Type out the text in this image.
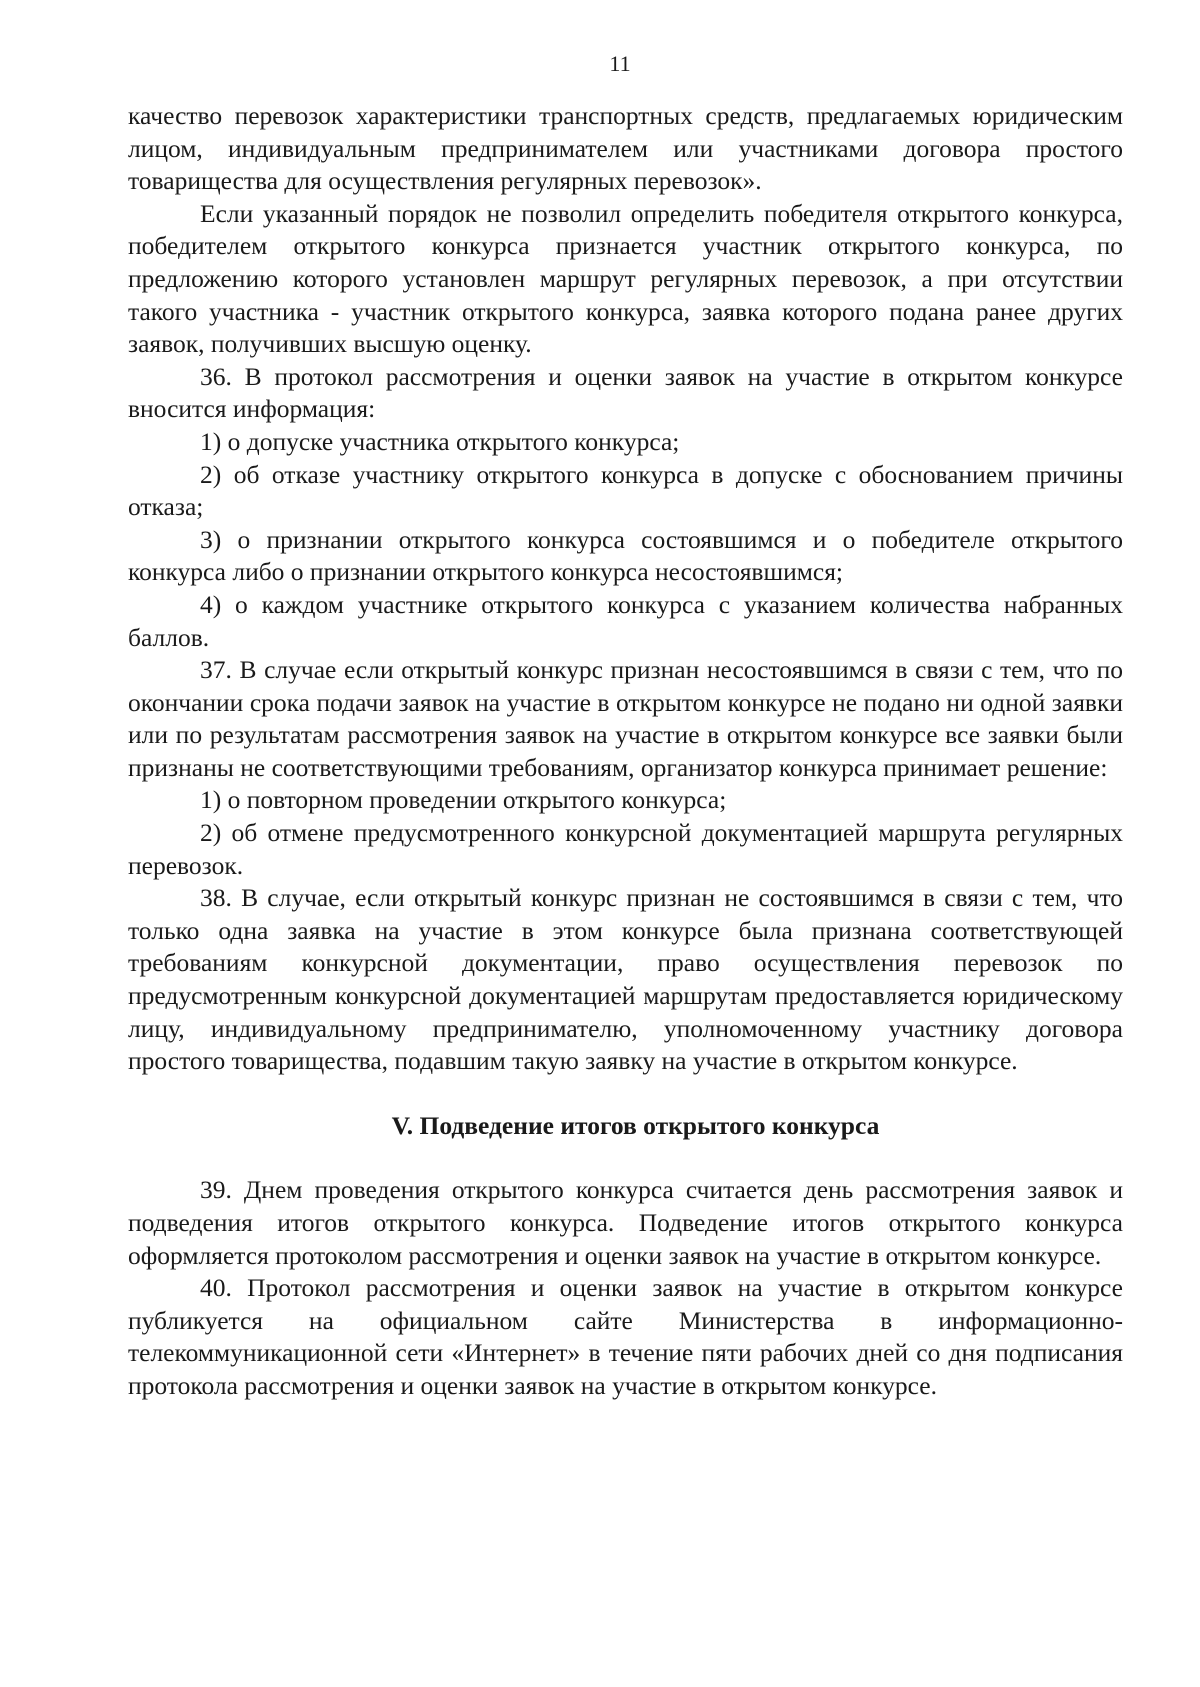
11

качество перевозок характеристики транспортных средств, предлагаемых юридическим лицом, индивидуальным предпринимателем или участниками договора простого товарищества для осуществления регулярных перевозок».

Если указанный порядок не позволил определить победителя открытого конкурса, победителем открытого конкурса признается участник открытого конкурса, по предложению которого установлен маршрут регулярных перевозок, а при отсутствии такого участника - участник открытого конкурса, заявка которого подана ранее других заявок, получивших высшую оценку.

36. В протокол рассмотрения и оценки заявок на участие в открытом конкурсе вносится информация:

1) о допуске участника открытого конкурса;

2) об отказе участнику открытого конкурса в допуске с обоснованием причины отказа;

3) о признании открытого конкурса состоявшимся и о победителе открытого конкурса либо о признании открытого конкурса несостоявшимся;

4) о каждом участнике открытого конкурса с указанием количества набранных баллов.

37. В случае если открытый конкурс признан несостоявшимся в связи с тем, что по окончании срока подачи заявок на участие в открытом конкурсе не подано ни одной заявки или по результатам рассмотрения заявок на участие в открытом конкурсе все заявки были признаны не соответствующими требованиям, организатор конкурса принимает решение:

1) о повторном проведении открытого конкурса;

2) об отмене предусмотренного конкурсной документацией маршрута регулярных перевозок.

38. В случае, если открытый конкурс признан не состоявшимся в связи с тем, что только одна заявка на участие в этом конкурсе была признана соответствующей требованиям конкурсной документации, право осуществления перевозок по предусмотренным конкурсной документацией маршрутам предоставляется юридическому лицу, индивидуальному предпринимателю, уполномоченному участнику договора простого товарищества, подавшим такую заявку на участие в открытом конкурсе.

V. Подведение итогов открытого конкурса

39. Днем проведения открытого конкурса считается день рассмотрения заявок и подведения итогов открытого конкурса. Подведение итогов открытого конкурса оформляется протоколом рассмотрения и оценки заявок на участие в открытом конкурсе.

40. Протокол рассмотрения и оценки заявок на участие в открытом конкурсе публикуется на официальном сайте Министерства в информационно-телекоммуникационной сети «Интернет» в течение пяти рабочих дней со дня подписания протокола рассмотрения и оценки заявок на участие в открытом конкурсе.
